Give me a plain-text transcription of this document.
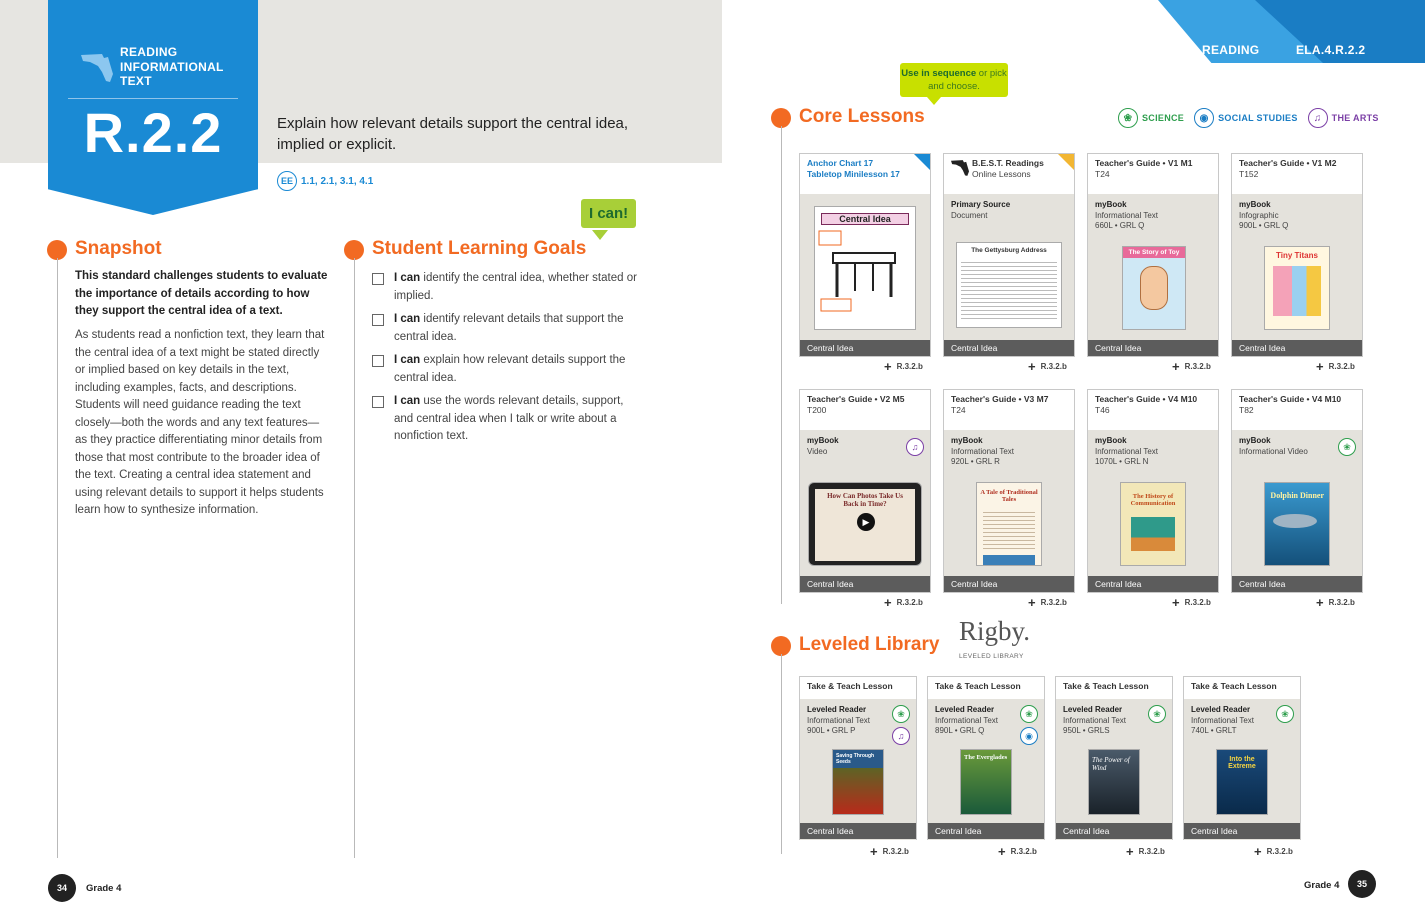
READING INFORMATIONAL TEXT
R.2.2	Explain how relevant details support the central idea, implied or explicit.
EE 1.1, 2.1, 3.1, 4.1
Snapshot
This standard challenges students to evaluate the importance of details according to how they support the central idea of a text.
As students read a nonfiction text, they learn that the central idea of a text might be stated directly or implied based on key details in the text, including examples, facts, and descriptions. Students will need guidance reading the text closely—both the words and any text features—as they practice differentiating minor details from those that most contribute to the broader idea of the text. Creating a central idea statement and using relevant details to support it helps students learn how to synthesize information.
Student Learning Goals
I can!
I can identify the central idea, whether stated or implied.
I can identify relevant details that support the central idea.
I can explain how relevant details support the central idea.
I can use the words relevant details, support, and central idea when I talk or write about a nonfiction text.
34	Grade 4
READING	ELA.4.R.2.2
Use in sequence or pick and choose.
Core Lessons	❀	SCIENCE	◉	SOCIAL STUDIES	♫	THE ARTS
Anchor Chart 17
Tabletop Minilesson 17
Central Idea
Central Idea
+ R.3.2.b
B.E.S.T. Readings
Online Lessons
Primary Source
Document
The Gettysburg Address
Central Idea
+ R.3.2.b
Teacher's Guide • V1 M1
T24
myBook
Informational Text
660L • GRL Q
The Story of Toy
Central Idea
+ R.3.2.b
Teacher's Guide • V1 M2
T152
myBook
Infographic
900L • GRL Q
Tiny Titans
Central Idea
+ R.3.2.b
Teacher's Guide • V2 M5
T200
myBook
Video	♫
How Can Photos Take Us Back in Time?
▶
Central Idea
+ R.3.2.b
Teacher's Guide • V3 M7
T24
myBook
Informational Text
920L • GRL R
A Tale of Traditional Tales
Central Idea
+ R.3.2.b
Teacher's Guide • V4 M10
T46
myBook
Informational Text
1070L • GRL N
The History of Communication
Central Idea
+ R.3.2.b
Teacher's Guide • V4 M10
T82
myBook
Informational Video	❀
Dolphin Dinner
Central Idea
+ R.3.2.b
Leveled Library Rigby.
LEVELED LIBRARY
Take & Teach Lesson
Leveled Reader
Informational Text
900L • GRL P
❀
♫
Saving Through Seeds
Central Idea
+ R.3.2.b
Take & Teach Lesson
Leveled Reader
Informational Text
890L • GRL Q
❀
◉
The Everglades
Central Idea
+ R.3.2.b
Take & Teach Lesson
Leveled Reader
Informational Text
950L • GRLS
❀
The Power of Wind
Central Idea
+ R.3.2.b
Take & Teach Lesson
Leveled Reader
Informational Text
740L • GRLT
❀
Into the Extreme
Central Idea
+ R.3.2.b
Grade 4	35
